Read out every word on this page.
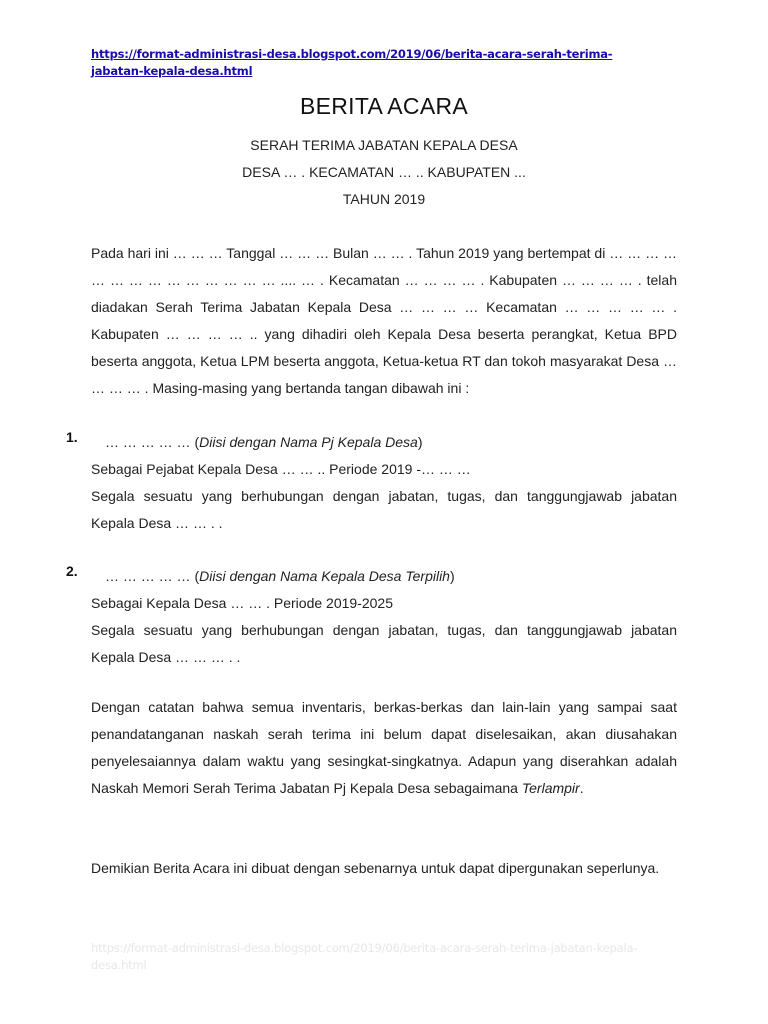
https://format-administrasi-desa.blogspot.com/2019/06/berita-acara-serah-terima-jabatan-kepala-desa.html
BERITA ACARA
SERAH TERIMA JABATAN KEPALA DESA
DESA … . KECAMATAN … .. KABUPATEN ...
TAHUN 2019
Pada hari ini … … … Tanggal … … … Bulan … … . Tahun 2019 yang bertempat di … … … … … … … … … … … … … … .... … . Kecamatan … … … … . Kabupaten … … … … . telah diadakan Serah Terima Jabatan Kepala Desa … … … … Kecamatan … … … … … . Kabupaten … … … … .. yang dihadiri oleh Kepala Desa beserta perangkat, Ketua BPD beserta anggota, Ketua LPM beserta anggota, Ketua-ketua RT dan tokoh masyarakat Desa … … … … . Masing-masing yang bertanda tangan dibawah ini :
1.	… … … … … (Diisi dengan Nama Pj Kepala Desa)
Sebagai Pejabat Kepala Desa … … .. Periode 2019 -… … …
Segala sesuatu yang berhubungan dengan jabatan, tugas, dan tanggungjawab jabatan Kepala Desa … … . .
2.	… … … … … (Diisi dengan Nama Kepala Desa Terpilih)
Sebagai Kepala Desa … … . Periode 2019-2025
Segala sesuatu yang berhubungan dengan jabatan, tugas, dan tanggungjawab jabatan Kepala Desa … … … . .
Dengan catatan bahwa semua inventaris, berkas-berkas dan lain-lain yang sampai saat penandatanganan naskah serah terima ini belum dapat diselesaikan, akan diusahakan penyelesaiannya dalam waktu yang sesingkat-singkatnya. Adapun yang diserahkan adalah Naskah Memori Serah Terima Jabatan Pj Kepala Desa sebagaimana Terlampir.
Demikian Berita Acara ini dibuat dengan sebenarnya untuk dapat dipergunakan seperlunya.
https://format-administrasi-desa.blogspot.com/2019/06/berita-acara-serah-terima-jabatan-kepala-desa.html
